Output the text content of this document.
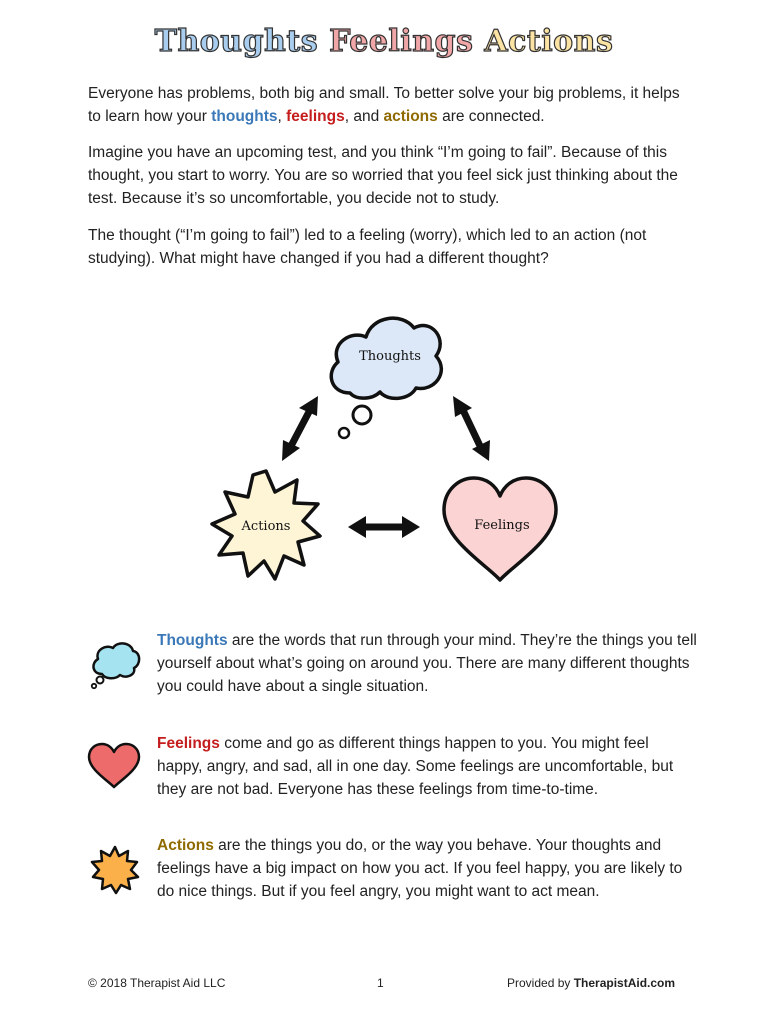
Thoughts Feelings Actions

Everyone has problems, both big and small. To better solve your big problems, it helps to learn how your thoughts, feelings, and actions are connected.

Imagine you have an upcoming test, and you think “I’m going to fail”. Because of this thought, you start to worry. You are so worried that you feel sick just thinking about the test. Because it’s so uncomfortable, you decide not to study.

The thought (“I’m going to fail”) led to a feeling (worry), which led to an action (not studying). What might have changed if you had a different thought?

Thoughts
Actions	Feelings

Thoughts are the words that run through your mind. They’re the things you tell yourself about what’s going on around you. There are many different thoughts you could have about a single situation.

Feelings come and go as different things happen to you. You might feel happy, angry, and sad, all in one day. Some feelings are uncomfortable, but they are not bad. Everyone has these feelings from time-to-time.

Actions are the things you do, or the way you behave. Your thoughts and feelings have a big impact on how you act. If you feel happy, you are likely to do nice things. But if you feel angry, you might want to act mean.

© 2018 Therapist Aid LLC	1	Provided by TherapistAid.com
